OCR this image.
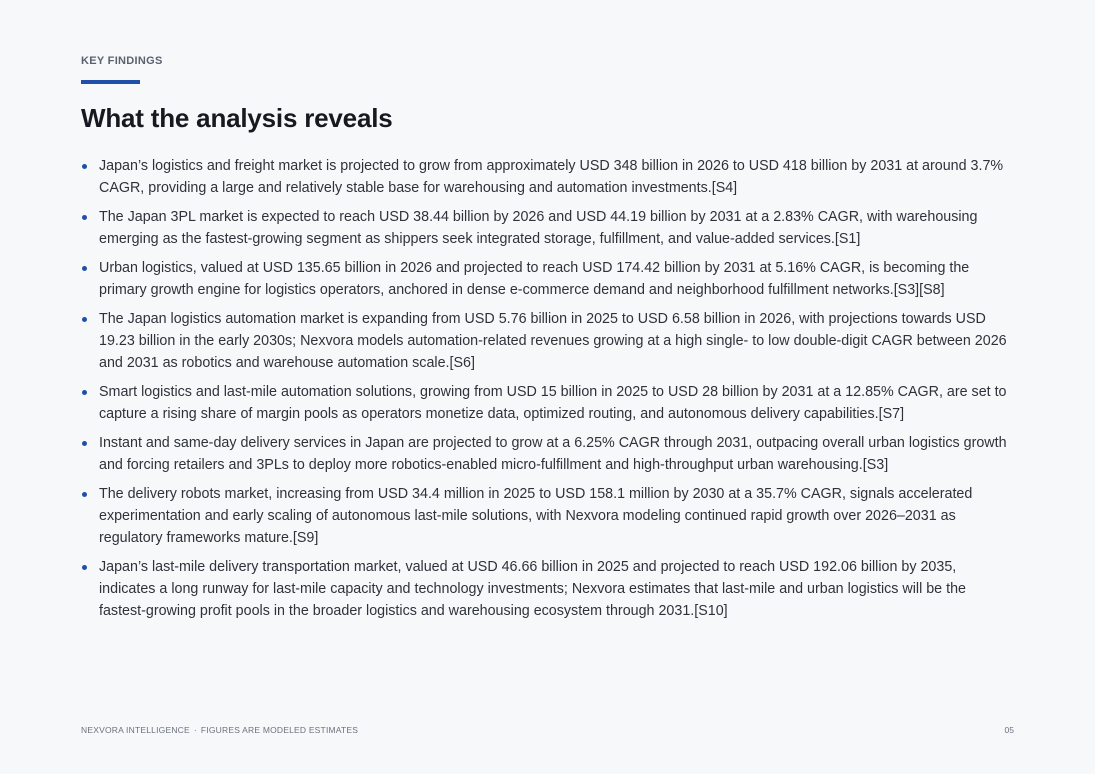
KEY FINDINGS
What the analysis reveals
Japan’s logistics and freight market is projected to grow from approximately USD 348 billion in 2026 to USD 418 billion by 2031 at around 3.7% CAGR, providing a large and relatively stable base for warehousing and automation investments.[S4]
The Japan 3PL market is expected to reach USD 38.44 billion by 2026 and USD 44.19 billion by 2031 at a 2.83% CAGR, with warehousing emerging as the fastest-growing segment as shippers seek integrated storage, fulfillment, and value-added services.[S1]
Urban logistics, valued at USD 135.65 billion in 2026 and projected to reach USD 174.42 billion by 2031 at 5.16% CAGR, is becoming the primary growth engine for logistics operators, anchored in dense e-commerce demand and neighborhood fulfillment networks.[S3][S8]
The Japan logistics automation market is expanding from USD 5.76 billion in 2025 to USD 6.58 billion in 2026, with projections towards USD 19.23 billion in the early 2030s; Nexvora models automation-related revenues growing at a high single- to low double-digit CAGR between 2026 and 2031 as robotics and warehouse automation scale.[S6]
Smart logistics and last-mile automation solutions, growing from USD 15 billion in 2025 to USD 28 billion by 2031 at a 12.85% CAGR, are set to capture a rising share of margin pools as operators monetize data, optimized routing, and autonomous delivery capabilities.[S7]
Instant and same-day delivery services in Japan are projected to grow at a 6.25% CAGR through 2031, outpacing overall urban logistics growth and forcing retailers and 3PLs to deploy more robotics-enabled micro-fulfillment and high-throughput urban warehousing.[S3]
The delivery robots market, increasing from USD 34.4 million in 2025 to USD 158.1 million by 2030 at a 35.7% CAGR, signals accelerated experimentation and early scaling of autonomous last-mile solutions, with Nexvora modeling continued rapid growth over 2026–2031 as regulatory frameworks mature.[S9]
Japan’s last-mile delivery transportation market, valued at USD 46.66 billion in 2025 and projected to reach USD 192.06 billion by 2035, indicates a long runway for last-mile capacity and technology investments; Nexvora estimates that last-mile and urban logistics will be the fastest-growing profit pools in the broader logistics and warehousing ecosystem through 2031.[S10]
NEXVORA INTELLIGENCE · FIGURES ARE MODELED ESTIMATES	05
